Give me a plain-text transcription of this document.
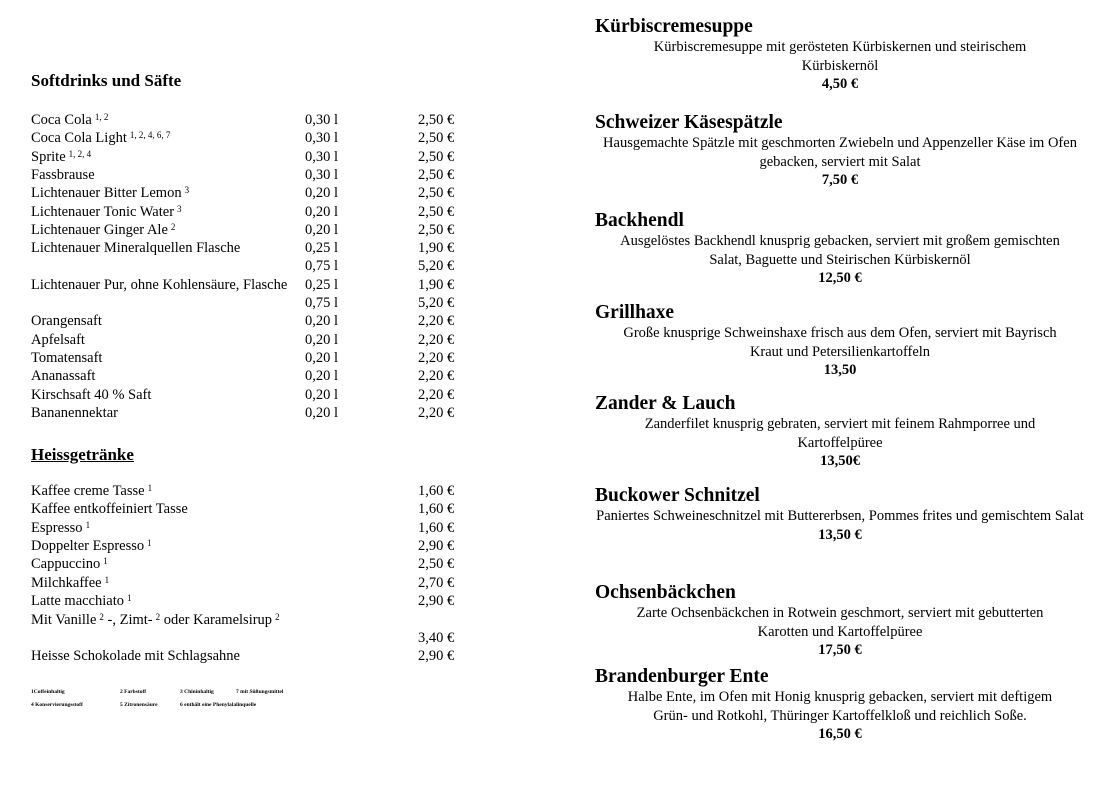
Softdrinks und Säfte
Coca Cola $^{1, 2}$	0,30 l	2,50 €
Coca Cola Light $^{1, 2, 4, 6, 7}$	0,30 l	2,50 €
Sprite $^{1, 2, 4}$	0,30 l	2,50 €
Fassbrause	0,30 l	2,50 €
Lichtenauer Bitter Lemon $^3$	0,20 l	2,50 €
Lichtenauer Tonic Water $^3$	0,20 l	2,50 €
Lichtenauer Ginger Ale $^2$	0,20 l	2,50 €
Lichtenauer Mineralquellen Flasche	0,25 l	1,90 €
0,75 l	5,20 €
Lichtenauer Pur, ohne Kohlensäure, Flasche 0,25 l	1,90 €
0,75 l	5,20 €
Orangensaft	0,20 l	2,20 €
Apfelsaft	0,20 l	2,20 €
Tomatensaft	0,20 l	2,20 €
Ananassaft	0,20 l	2,20 €
Kirschsaft 40 % Saft	0,20 l	2,20 €
Bananennektar	0,20 l	2,20 €
Heissgetränke
Kaffee creme Tasse $^1$	1,60 €
Kaffee entkoffeiniert Tasse	1,60 €
Espresso $^1$	1,60 €
Doppelter Espresso $^1$	2,90 €
Cappuccino $^1$	2,50 €
Milchkaffee $^1$	2,70 €
Latte macchiato $^1$	2,90 €
Mit Vanille $^2$ -, Zimt- $^2$ oder Karamelsirup $^2$
3,40 €
Heisse Schokolade mit Schlagsahne	2,90 €
1Coffeinhaltig	2 Farbstoff	3 Chininhaltig	7 mit Süßungsmittel
4 Konservierungsstoff	5 Zitronensäure	6 enthält eine Phenylalalinquelle
Kürbiscremesuppe
Kürbiscremesuppe mit gerösteten Kürbiskernen und steirischem Kürbiskernöl
4,50 €
Schweizer Käsespätzle
Hausgemachte Spätzle mit geschmorten Zwiebeln und Appenzeller Käse im Ofen gebacken, serviert mit Salat
7,50 €
Backhendl
Ausgelöstes Backhendl knusprig gebacken, serviert mit großem gemischten Salat, Baguette und Steirischen Kürbiskernöl
12,50 €
Grillhaxe
Große knusprige Schweinshaxe frisch aus dem Ofen, serviert mit Bayrisch Kraut und Petersilienkartoffeln
13,50
Zander & Lauch
Zanderfilet knusprig gebraten, serviert mit feinem Rahmporree und Kartoffelpüree
13,50€
Buckower Schnitzel
Paniertes Schweineschnitzel mit Buttererbsen, Pommes frites und gemischtem Salat
13,50 €
Ochsenbäckchen
Zarte Ochsenbäckchen in Rotwein geschmort, serviert mit gebutterten Karotten und Kartoffelpüree
17,50 €
Brandenburger Ente
Halbe Ente, im Ofen mit Honig knusprig gebacken, serviert mit deftigem Grün- und Rotkohl, Thüringer Kartoffelkloß und reichlich Soße.
16,50 €
